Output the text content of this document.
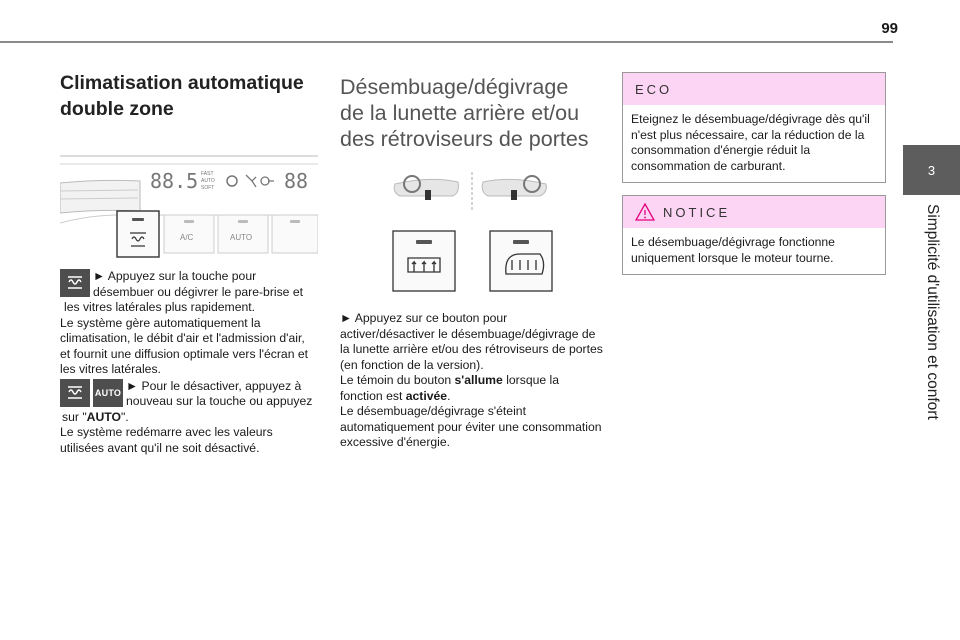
99
3
Simplicité d'utilisation et confort
Climatisation automatique
double zone
88.5 FAST
AUTO
SOFT	88
A/C	AUTO

► Appuyez sur la touche pour désembuer ou dégivrer le pare-brise et les vitres latérales plus rapidement.

Le système gère automatiquement la climatisation, le débit d'air et l'admission d'air, et fournit une diffusion optimale vers l'écran et les vitres latérales.

AUTO ► Pour le désactiver, appuyez à nouveau sur la touche ou appuyez sur "AUTO".

Le système redémarre avec les valeurs utilisées avant qu'il ne soit désactivé.

Désembuage/dégivrage
de la lunette arrière et/ou
des rétroviseurs de portes

► Appuyez sur ce bouton pour activer/désactiver le désembuage/dégivrage de la lunette arrière et/ou des rétroviseurs de portes (en fonction de la version).

Le témoin du bouton s'allume lorsque la fonction est activée.

Le désembuage/dégivrage s'éteint automatiquement pour éviter une consommation excessive d'énergie.

ECO

Eteignez le désembuage/dégivrage dès qu'il n'est plus nécessaire, car la réduction de la consommation d'énergie réduit la consommation de carburant.

NOTICE

Le désembuage/dégivrage fonctionne uniquement lorsque le moteur tourne.
